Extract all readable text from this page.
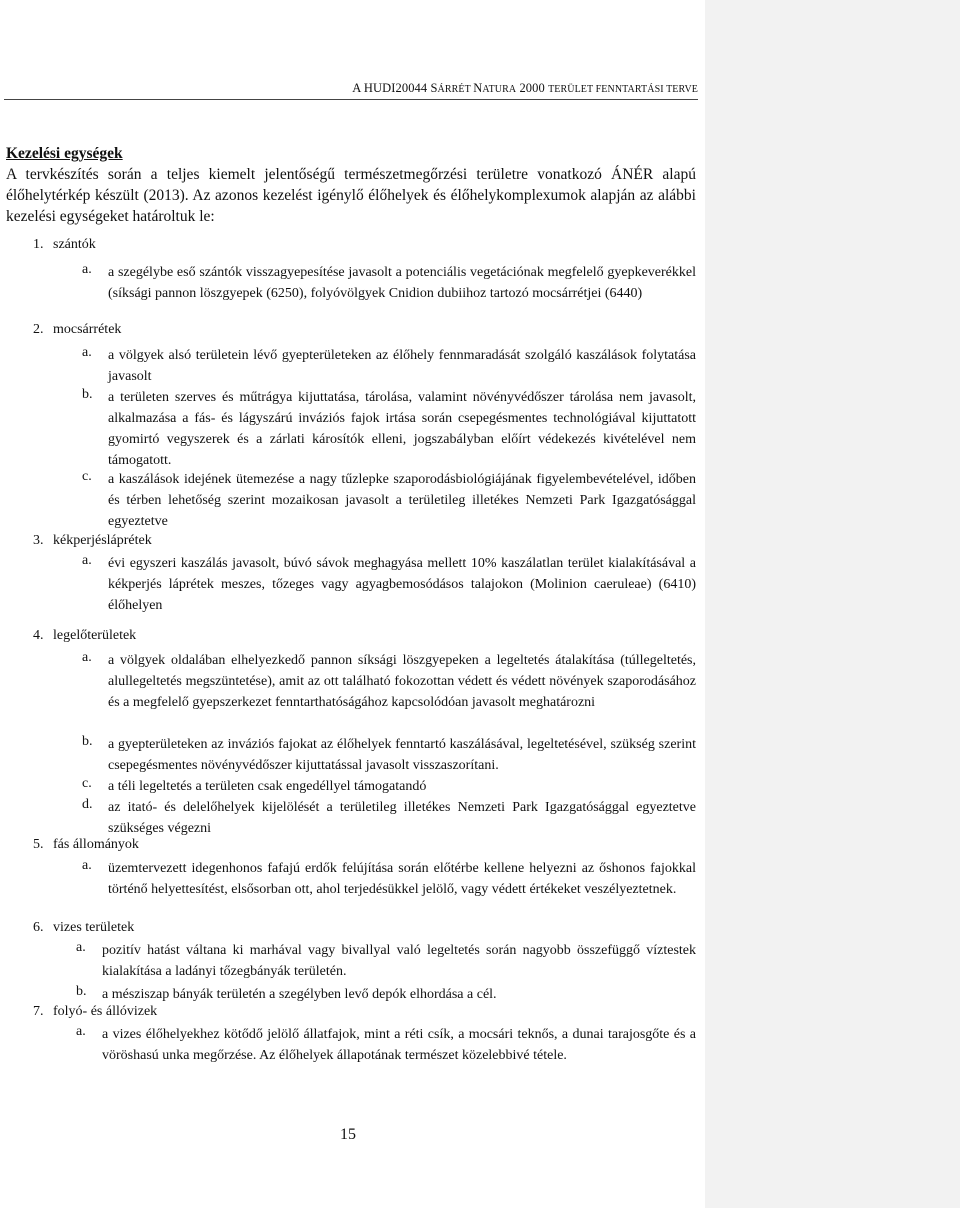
A HUDI20044 SÁRRÉT NATURA 2000 TERÜLET FENNTARTÁSI TERVE
Kezelési egységek
A tervkészítés során a teljes kiemelt jelentőségű természetmegőrzési területre vonatkozó ÁNÉR alapú élőhelytérkép készült (2013). Az azonos kezelést igénylő élőhelyek és élőhelykomplexumok alapján az alábbi kezelési egységeket határoltuk le:
1. szántók
a. a szegélybe eső szántók visszagyepesítése javasolt a potenciális vegetációnak megfelelő gyepkeverékkel (síksági pannon löszgyepek (6250), folyóvölgyek Cnidion dubiihoz tartozó mocsárrétjei (6440)
2. mocsárrétek
a. a völgyek alsó területein lévő gyepterületeken az élőhely fennmaradását szolgáló kaszálások folytatása javasolt
b. a területen szerves és műtrágya kijuttatása, tárolása, valamint növényvédőszer tárolása nem javasolt, alkalmazása a fás- és lágyszárú inváziós fajok irtása során csepegésmentes technológiával kijuttatott gyomirtó vegyszerek és a zárlati károsítók elleni, jogszabályban előírt védekezés kivételével nem támogatott.
c. a kaszálások idejének ütemezése a nagy tűzlepke szaporodásbiológiájának figyelembevételével, időben és térben lehetőség szerint mozaikosan javasolt a területileg illetékes Nemzeti Park Igazgatósággal egyeztetve
3. kékperjésláprétek
a. évi egyszeri kaszálás javasolt, búvó sávok meghagyása mellett 10% kaszálatlan terület kialakításával a kékperjés láprétek meszes, tőzeges vagy agyagbemosódásos talajokon (Molinion caeruleae) (6410) élőhelyen
4. legelőterületek
a. a völgyek oldalában elhelyezkedő pannon síksági löszgyepeken a legeltetés átalakítása (túllegeltetés, alullegeltetés megszüntetése), amit az ott található fokozottan védett és védett növények szaporodásához és a megfelelő gyepszerkezet fenntarthatóságához kapcsolódóan javasolt meghatározni
b. a gyepterületeken az inváziós fajokat az élőhelyek fenntartó kaszálásával, legeltetésével, szükség szerint csepegésmentes növényvédőszer kijuttatással javasolt visszaszorítani.
c. a téli legeltetés a területen csak engedéllyel támogatandó
d. az itató- és delelőhelyek kijelölését a területileg illetékes Nemzeti Park Igazgatósággal egyeztetve szükséges végezni
5. fás állományok
a. üzemtervezett idegenhonos fafajú erdők felújítása során előtérbe kellene helyezni az őshonos fajokkal történő helyettesítést, elsősorban ott, ahol terjedésükkel jelölő, vagy védett értékeket veszélyeztetnek.
6. vizes területek
a. pozitív hatást váltana ki marhával vagy bivallyal való legeltetés során nagyobb összefüggő víztestek kialakítása a ladányi tőzegbányák területén.
b. a mésziszap bányák területén a szegélyben levő depók elhordása a cél.
7. folyó- és állóvizek
a. a vizes élőhelyekhez kötődő jelölő állatfajok, mint a réti csík, a mocsári teknős, a dunai tarajosgőte és a vöröshasú unka megőrzése. Az élőhelyek állapotának természet közelebbivé tétele.
15
